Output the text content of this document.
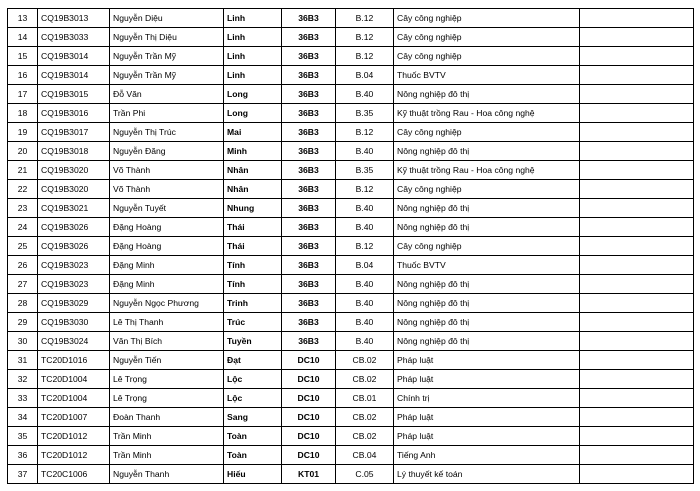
13	CQ19B3013	Nguyễn Diệu	Linh	36B3	B.12	Cây công nghiệp	
14	CQ19B3033	Nguyễn Thị Diệu	Linh	36B3	B.12	Cây công nghiệp	
15	CQ19B3014	Nguyễn Trần Mỹ	Linh	36B3	B.12	Cây công nghiệp	
16	CQ19B3014	Nguyễn Trần Mỹ	Linh	36B3	B.04	Thuốc BVTV	
17	CQ19B3015	Đỗ Văn	Long	36B3	B.40	Nông nghiệp đô thị	
18	CQ19B3016	Trần Phi	Long	36B3	B.35	Kỹ thuật trồng Rau - Hoa công nghệ	
19	CQ19B3017	Nguyễn Thị Trúc	Mai	36B3	B.12	Cây công nghiệp	
20	CQ19B3018	Nguyễn Đăng	Minh	36B3	B.40	Nông nghiệp đô thị	
21	CQ19B3020	Võ Thành	Nhân	36B3	B.35	Kỹ thuật trồng Rau - Hoa công nghệ	
22	CQ19B3020	Võ Thành	Nhân	36B3	B.12	Cây công nghiệp	
23	CQ19B3021	Nguyễn Tuyết	Nhung	36B3	B.40	Nông nghiệp đô thị	
24	CQ19B3026	Đặng Hoàng	Thái	36B3	B.40	Nông nghiệp đô thị	
25	CQ19B3026	Đặng Hoàng	Thái	36B3	B.12	Cây công nghiệp	
26	CQ19B3023	Đặng Minh	Tính	36B3	B.04	Thuốc BVTV	
27	CQ19B3023	Đặng Minh	Tính	36B3	B.40	Nông nghiệp đô thị	
28	CQ19B3029	Nguyễn Ngọc Phương	Trinh	36B3	B.40	Nông nghiệp đô thị	
29	CQ19B3030	Lê Thị Thanh	Trúc	36B3	B.40	Nông nghiệp đô thị	
30	CQ19B3024	Văn Thị Bích	Tuyền	36B3	B.40	Nông nghiệp đô thị	
31	TC20D1016	Nguyễn Tiến	Đạt	DC10	CB.02	Pháp luật	
32	TC20D1004	Lê Trọng	Lộc	DC10	CB.02	Pháp luật	
33	TC20D1004	Lê Trọng	Lộc	DC10	CB.01	Chính trị	
34	TC20D1007	Đoàn Thanh	Sang	DC10	CB.02	Pháp luật	
35	TC20D1012	Trần Minh	Toàn	DC10	CB.02	Pháp luật	
36	TC20D1012	Trần Minh	Toàn	DC10	CB.04	Tiếng Anh	
37	TC20C1006	Nguyễn Thanh	Hiếu	KT01	C.05	Lý thuyết kế toán	
